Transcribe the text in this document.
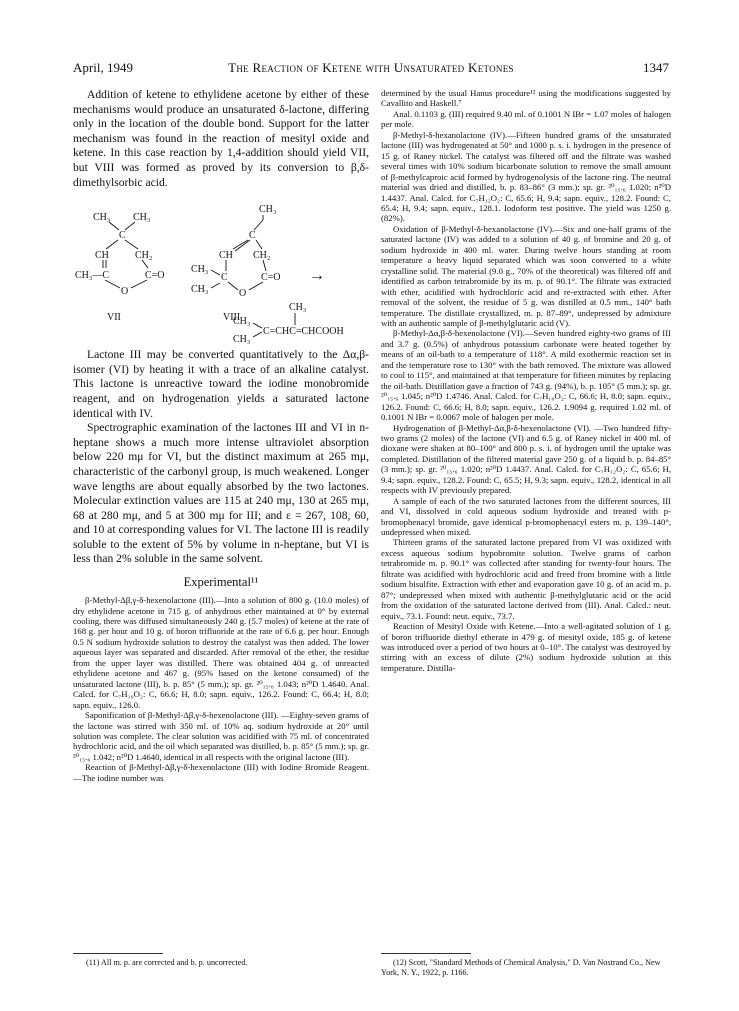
April, 1949	The Reaction of Ketene with Unsaturated Ketones	1347

Addition of ketene to ethylidene acetone by either of these mechanisms would produce an unsaturated δ-lactone, differing only in the location of the double bond. Support for the latter mechanism was found in the reaction of mesityl oxide and ketene. In this case reaction by 1,4-addition should yield VII, but VIII was formed as proved by its conversion to β,δ-dimethylsorbic acid.

CH₃ CH₃
C
CH	CH₂
CH₃—C	C=O
O
VII
CH₃
C
CH CH₂
CH₃
CH₃
C	C=O
O
→
VIII
CH₃
CH₃
CH₃
C=CHC=CHCOOH

Lactone III may be converted quantitatively to the Δα,β-isomer (VI) by heating it with a trace of an alkaline catalyst. This lactone is unreactive toward the iodine monobromide reagent, and on hydrogenation yields a saturated lactone identical with IV.

Spectrographic examination of the lactones III and VI in n-heptane shows a much more intense ultraviolet absorption below 220 mμ for VI, but the distinct maximum at 265 mμ, characteristic of the carbonyl group, is much weakened. Longer wave lengths are about equally absorbed by the two lactones. Molecular extinction values are 115 at 240 mμ, 130 at 265 mμ, 68 at 280 mμ, and 5 at 300 mμ for III; and ε = 267, 108, 60, and 10 at corresponding values for VI. The lactone III is readily soluble to the extent of 5% by volume in n-heptane, but VI is less than 2% soluble in the same solvent.

Experimental¹¹

β-Methyl-Δβ,γ-δ-hexenolactone (III).—Into a solution of 800 g. (10.0 moles) of dry ethylidene acetone in 715 g. of anhydrous ether maintained at 0° by external cooling, there was diffused simultaneously 240 g. (5.7 moles) of ketene at the rate of 168 g. per hour and 10 g. of boron trifluoride at the rate of 6.6 g. per hour. Enough 0.5 N sodium hydroxide solution to destroy the catalyst was then added. The lower aqueous layer was separated and discarded. After removal of the ether, the residue from the upper layer was distilled. There was obtained 404 g. of unreacted ethylidene acetone and 467 g. (95% based on the ketone consumed) of the unsaturated lactone (III), b. p. 85° (5 mm.); sp. gr. ²⁰₁₅.₆ 1.043; n²⁰D 1.4640. Anal. Calcd. for C₇H₁₀O₂: C, 66.6; H, 8.0; sapn. equiv., 126.2. Found: C, 66.4; H, 8.0; sapn. equiv., 126.0.

Saponification of β-Methyl-Δβ,γ-δ-hexenolactone (III). —Eighty-seven grams of the lactone was stirred with 350 ml. of 10% aq. sodium hydroxide at 20° until solution was complete. The clear solution was acidified with 75 ml. of concentrated hydrochloric acid, and the oil which separated was distilled, b. p. 85° (5 mm.); sp. gr. ²⁰₁₅.₆ 1.042; n²⁰D 1.4640, identical in all respects with the original lactone (III).

Reaction of β-Methyl-Δβ,γ-δ-hexenolactone (III) with Iodine Bromide Reagent.—The iodine number was

determined by the usual Hanus procedure¹² using the modifications suggested by Cavallito and Haskell.⁷

Anal. 0.1103 g. (III) required 9.40 ml. of 0.1001 N IBr = 1.07 moles of halogen per mole.

β-Methyl-δ-hexanolactone (IV).—Fifteen hundred grams of the unsaturated lactone (III) was hydrogenated at 50° and 1000 p. s. i. hydrogen in the presence of 15 g. of Raney nickel. The catalyst was filtered off and the filtrate was washed several times with 10% sodium bicarbonate solution to remove the small amount of β-methylcaproic acid formed by hydrogenolysis of the lactone ring. The neutral material was dried and distilled, b. p. 83–86° (3 mm.); sp. gr. ²⁰₁₅.₆ 1.020; n²⁰D 1.4437. Anal. Calcd. for C₇H₁₂O₂: C, 65.6; H, 9.4; sapn. equiv., 128.2. Found: C, 65.4; H, 9.4; sapn. equiv., 128.1. Iodoform test positive. The yield was 1250 g. (82%).

Oxidation of β-Methyl-δ-hexanolactone (IV).—Six and one-half grams of the saturated lactone (IV) was added to a solution of 40 g. of bromine and 20 g. of sodium hydroxide in 400 ml. water. During twelve hours standing at room temperature a heavy liquid separated which was soon converted to a white crystalline solid. The material (9.0 g., 70% of the theoretical) was filtered off and identified as carbon tetrabromide by its m. p. of 90.1°. The filtrate was extracted with ether, acidified with hydrochloric acid and re-extracted with ether. After removal of the solvent, the residue of 5 g. was distilled at 0.5 mm., 140° bath temperature. The distillate crystallized, m. p. 87–89°, undepressed by admixture with an authentic sample of β-methylglutaric acid (V).

β-Methyl-Δα,β-δ-hexenolactone (VI).—Seven hundred eighty-two grams of III and 3.7 g. (0.5%) of anhydrous potassium carbonate were heated together by means of an oil-bath to a temperature of 118°. A mild exothermic reaction set in and the temperature rose to 130° with the bath removed. The mixture was allowed to cool to 115°, and maintained at that temperature for fifteen minutes by replacing the oil-bath. Distillation gave a fraction of 743 g. (94%), b. p. 105° (5 mm.); sp. gr. ²⁰₁₅.₆ 1.045; n²⁰D 1.4746. Anal. Calcd. for C₇H₁₀O₂: C, 66.6; H, 8.0; sapn. equiv., 126.2. Found: C, 66.6; H, 8.0; sapn. equiv., 126.2. 1.9094 g. required 1.02 ml. of 0.1001 N IBr = 0.0067 mole of halogen per mole.

Hydrogenation of β-Methyl-Δα,β-δ-hexenolactone (VI). —Two hundred fifty-two grams (2 moles) of the lactone (VI) and 6.5 g. of Raney nickel in 400 ml. of dioxane were shaken at 80–100° and 800 p. s. i. of hydrogen until the uptake was completed. Distillation of the filtered material gave 250 g. of a liquid b. p. 84–85° (3 mm.); sp. gr. ²⁰₁₅.₆ 1.020; n²⁰D 1.4437. Anal. Calcd. for C₇H₁₂O₂: C, 65.6; H, 9.4; sapn. equiv., 128.2. Found: C, 65.5; H, 9.3; sapn. equiv., 128.2, identical in all respects with IV previously prepared.

A sample of each of the two saturated lactones from the different sources, III and VI, dissolved in cold aqueous sodium hydroxide and treated with p-bromophenacyl bromide, gave identical p-bromophenacyl esters m. p. 139–140°, undepressed when mixed.

Thirteen grams of the saturated lactone prepared from VI was oxidized with excess aqueous sodium hypobromite solution. Twelve grams of carbon tetrabromide m. p. 90.1° was collected after standing for twenty-four hours. The filtrate was acidified with hydrochloric acid and freed from bromine with a little sodium bisulfite. Extraction with ether and evaporation gave 10 g. of an acid m. p. 87°; undepressed when mixed with authentic β-methylglutaric acid or the acid from the oxidation of the saturated lactone derived from (III). Anal. Calcd.: neut. equiv., 73.1. Found: neut. equiv., 73.7.

Reaction of Mesityl Oxide with Ketene.—Into a well-agitated solution of 1 g. of boron trifluoride diethyl etherate in 479 g. of mesityl oxide, 185 g. of ketene was introduced over a period of two hours at 0–10°. The catalyst was destroyed by stirring with an excess of dilute (2%) sodium hydroxide solution at this temperature. Distilla-

(11) All m. p. are corrected and b. p. uncorrected.	(12) Scott, "Standard Methods of Chemical Analysis," D. Van Nostrand Co., New York, N. Y., 1922, p. 1166.
